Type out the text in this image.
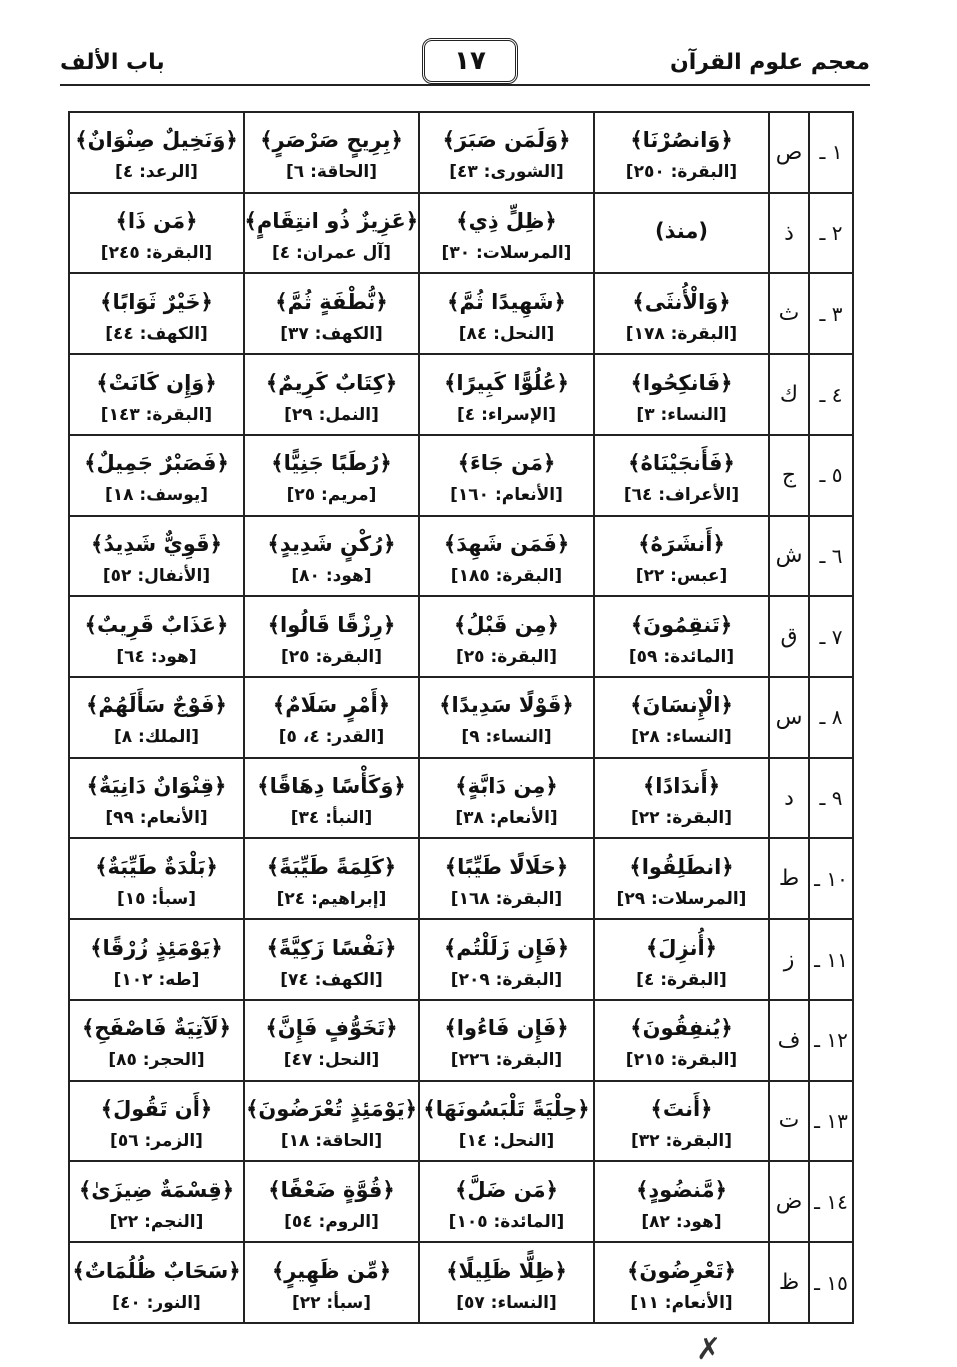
معجم علوم القرآن
١٧
باب الألف
١ ـ	ص	﴿وَانصُرْنَا﴾
[البقرة: ٢٥٠]	﴿وَلَمَن صَبَرَ﴾
[الشورى: ٤٣]	﴿بِرِيحٍ صَرْصَرٍ﴾
[الحاقة: ٦]	﴿وَنَخِيلٌ صِنْوَانٌ﴾
[الرعد: ٤]

٢ ـ	ذ	(منذ)	﴿ظِلٍّ ذِي﴾
[المرسلات: ٣٠]	﴿عَزِيزٌ ذُو انتِقَامٍ﴾
[آل عمران: ٤]	﴿مَن ذَا﴾
[البقرة: ٢٤٥]

٣ ـ	ث	﴿وَالْأُنثَى﴾
[البقرة: ١٧٨]	﴿شَهِيدًا ثُمَّ﴾
[النحل: ٨٤]	﴿نُّطْفَةٍ ثُمَّ﴾
[الكهف: ٣٧]	﴿خَيْرٌ ثَوَابًا﴾
[الكهف: ٤٤]

٤ ـ	ك	﴿فَانكِحُوا﴾
[النساء: ٣]	﴿عُلُوًّا كَبِيرًا﴾
[الإسراء: ٤]	﴿كِتَابٌ كَرِيمٌ﴾
[النمل: ٢٩]	﴿وَإِن كَانَتْ﴾
[البقرة: ١٤٣]

٥ ـ	ج	﴿فَأَنجَيْنَاهُ﴾
[الأعراف: ٦٤]	﴿مَن جَاءَ﴾
[الأنعام: ١٦٠]	﴿رُطَبًا جَنِيًّا﴾
[مريم: ٢٥]	﴿فَصَبْرٌ جَمِيلٌ﴾
[يوسف: ١٨]

٦ ـ	ش	﴿أَنشَرَهُ﴾
[عبس: ٢٢]	﴿فَمَن شَهِدَ﴾
[البقرة: ١٨٥]	﴿رُكْنٍ شَدِيدٍ﴾
[هود: ٨٠]	﴿قَوِيٌّ شَدِيدُ﴾
[الأنفال: ٥٢]

٧ ـ	ق	﴿تَنقِمُونَ﴾
[المائدة: ٥٩]	﴿مِن قَبْلُ﴾
[البقرة: ٢٥]	﴿رِزْقًا قَالُوا﴾
[البقرة: ٢٥]	﴿عَذَابٌ قَرِيبٌ﴾
[هود: ٦٤]

٨ ـ	س	﴿الْإِنسَانَ﴾
[النساء: ٢٨]	﴿قَوْلًا سَدِيدًا﴾
[النساء: ٩]	﴿أَمْرٍ سَلَامٌ﴾
[القدر: ٤، ٥]	﴿فَوْجٌ سَأَلَهُمْ﴾
[الملك: ٨]

٩ ـ	د	﴿أَندَادًا﴾
[البقرة: ٢٢]	﴿مِن دَابَّةٍ﴾
[الأنعام: ٣٨]	﴿وَكَأْسًا دِهَاقًا﴾
[النبأ: ٣٤]	﴿قِنْوَانٌ دَانِيَةٌ﴾
[الأنعام: ٩٩]

١٠ ـ	ط	﴿انطَلِقُوا﴾
[المرسلات: ٢٩]	﴿حَلَالًا طَيِّبًا﴾
[البقرة: ١٦٨]	﴿كَلِمَةً طَيِّبَةً﴾
[إبراهيم: ٢٤]	﴿بَلْدَةٌ طَيِّبَةٌ﴾
[سبأ: ١٥]

١١ ـ	ز	﴿أُنزِلَ﴾
[البقرة: ٤]	﴿فَإِن زَلَلْتُم﴾
[البقرة: ٢٠٩]	﴿نَفْسًا زَكِيَّةً﴾
[الكهف: ٧٤]	﴿يَوْمَئِذٍ زُرْقًا﴾
[طه: ١٠٢]

١٢ ـ	ف	﴿يُنفِقُونَ﴾
[البقرة: ٢١٥]	﴿فَإِن فَاءُوا﴾
[البقرة: ٢٢٦]	﴿تَخَوُّفٍ فَإِنَّ﴾
[النحل: ٤٧]	﴿لَآتِيَةٌ فَاصْفَحِ﴾
[الحجر: ٨٥]

١٣ ـ	ت	﴿أَنتَ﴾
[البقرة: ٣٢]	﴿حِلْيَةً تَلْبَسُونَهَا﴾
[النحل: ١٤]	﴿يَوْمَئِذٍ تُعْرَضُونَ﴾
[الحاقة: ١٨]	﴿أَن تَقُولَ﴾
[الزمر: ٥٦]

١٤ ـ	ض	﴿مَّنضُودٍ﴾
[هود: ٨٢]	﴿مَن ضَلَّ﴾
[المائدة: ١٠٥]	﴿قُوَّةٍ ضَعْفًا﴾
[الروم: ٥٤]	﴿قِسْمَةٌ ضِيزَىٰ﴾
[النجم: ٢٢]

١٥ ـ	ظ	﴿تَعْرِضُونَ﴾
[الأنعام: ١١]	﴿ظِلًّا ظَلِيلًا﴾
[النساء: ٥٧]	﴿مِّن ظَهِيرٍ﴾
[سبأ: ٢٢]	﴿سَحَابٌ ظُلُمَاتٌ﴾
[النور: ٤٠]
✗
